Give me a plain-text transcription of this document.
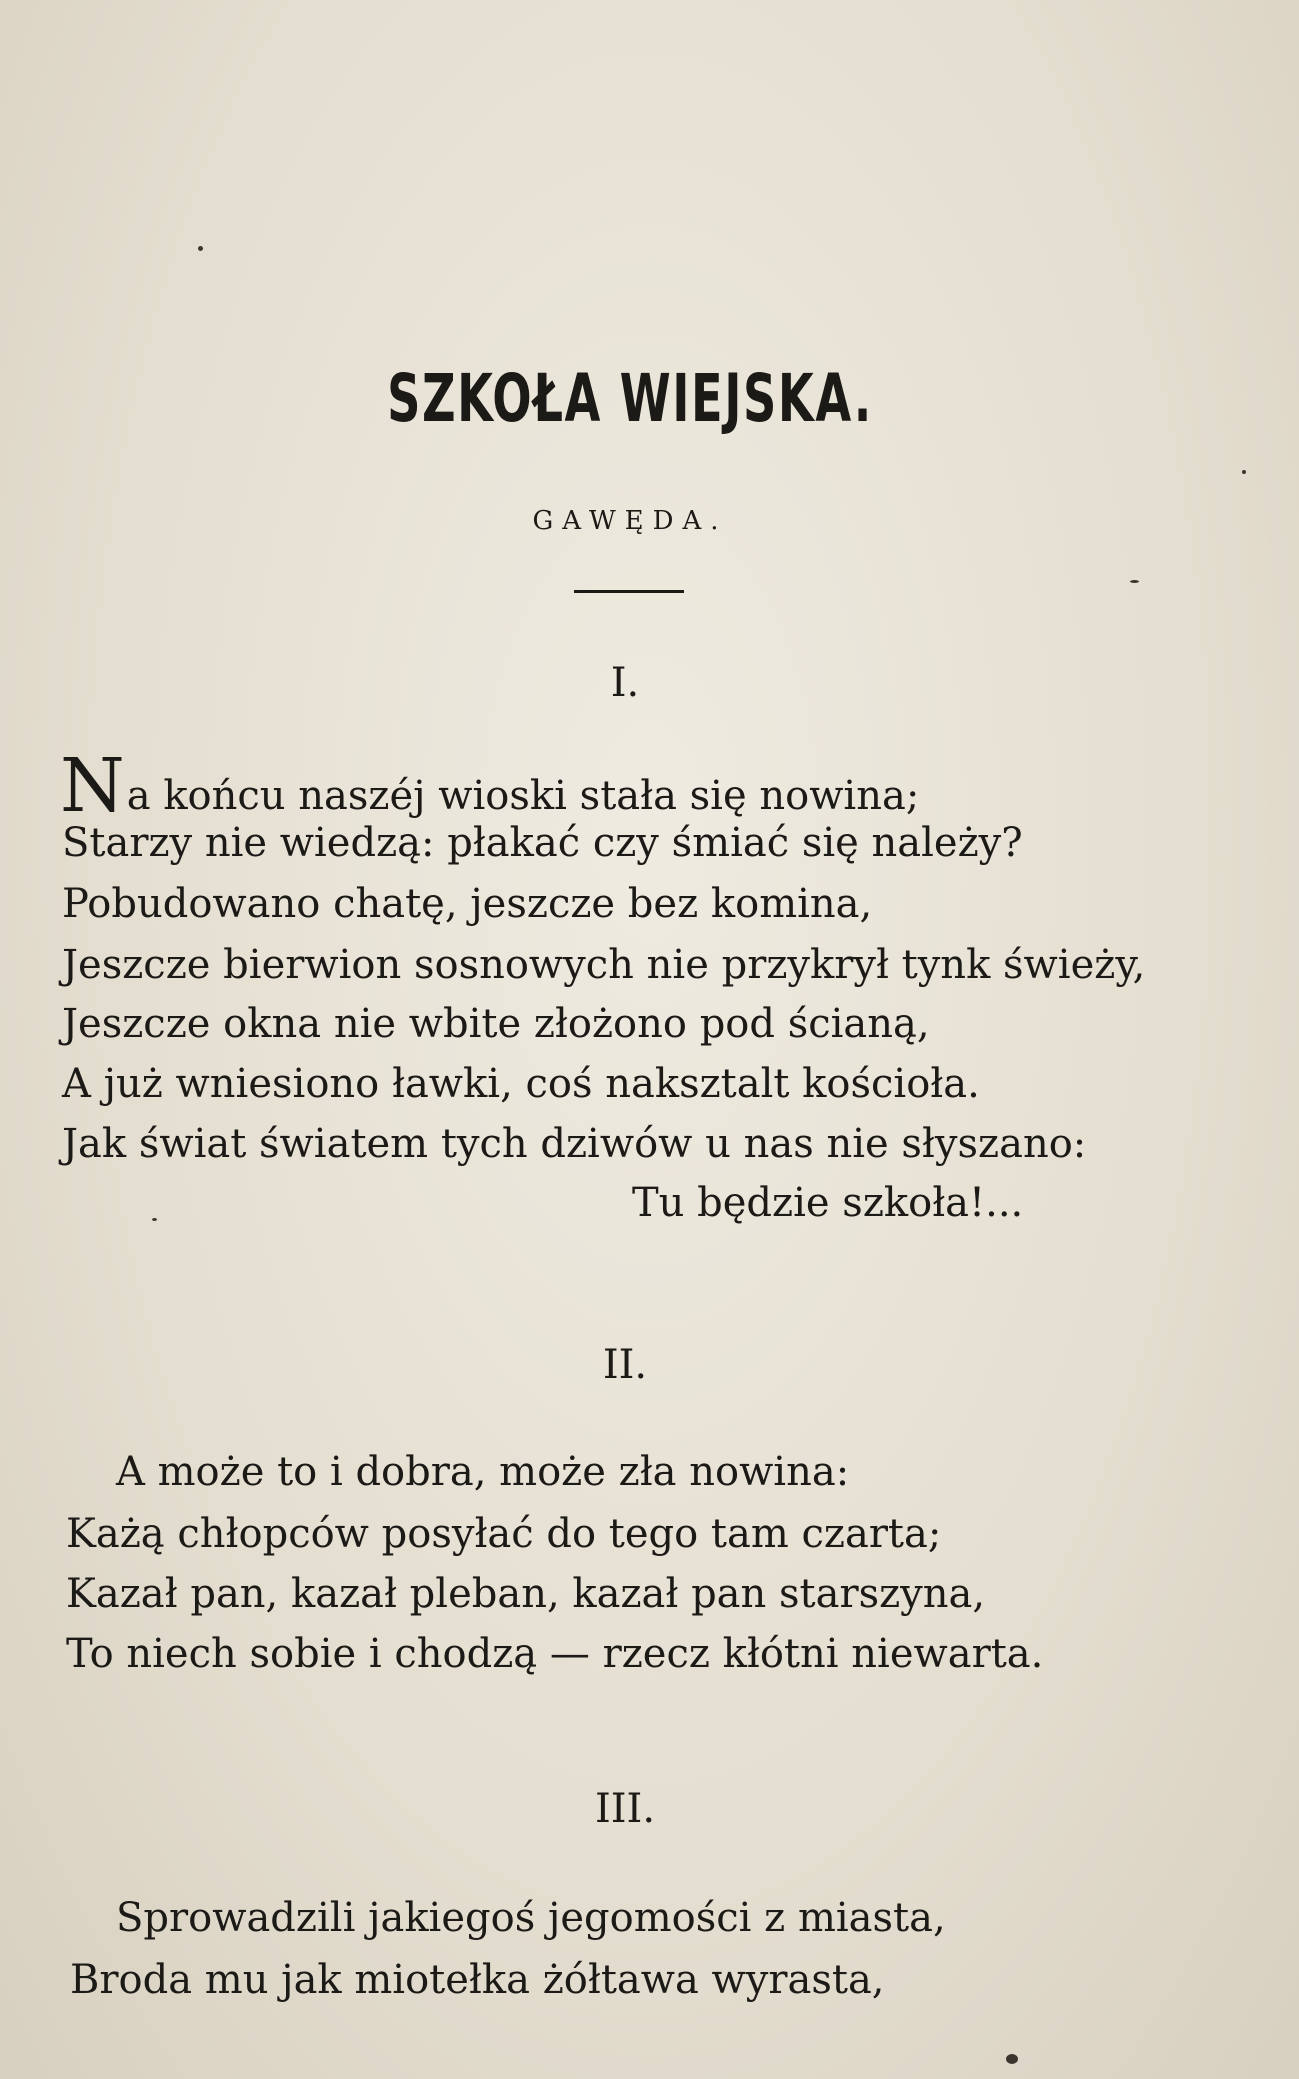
SZKOŁA WIEJSKA.
GAWĘDA.
I.
Na końcu naszéj wioski stała się nowina;
Starzy nie wiedzą: płakać czy śmiać się należy?
Pobudowano chatę, jeszcze bez komina,
Jeszcze bierwion sosnowych nie przykrył tynk świeży,
Jeszcze okna nie wbite złożono pod ścianą,
A już wniesiono ławki, coś naksztalt kościoła.
Jak świat światem tych dziwów u nas nie słyszano:
Tu będzie szkoła!...
II.
A może to i dobra, może zła nowina:
Każą chłopców posyłać do tego tam czarta;
Kazał pan, kazał pleban, kazał pan starszyna,
To niech sobie i chodzą — rzecz kłótni niewarta.
III.
Sprowadzili jakiegoś jegomości z miasta,
Broda mu jak miotełka żółtawa wyrasta,
